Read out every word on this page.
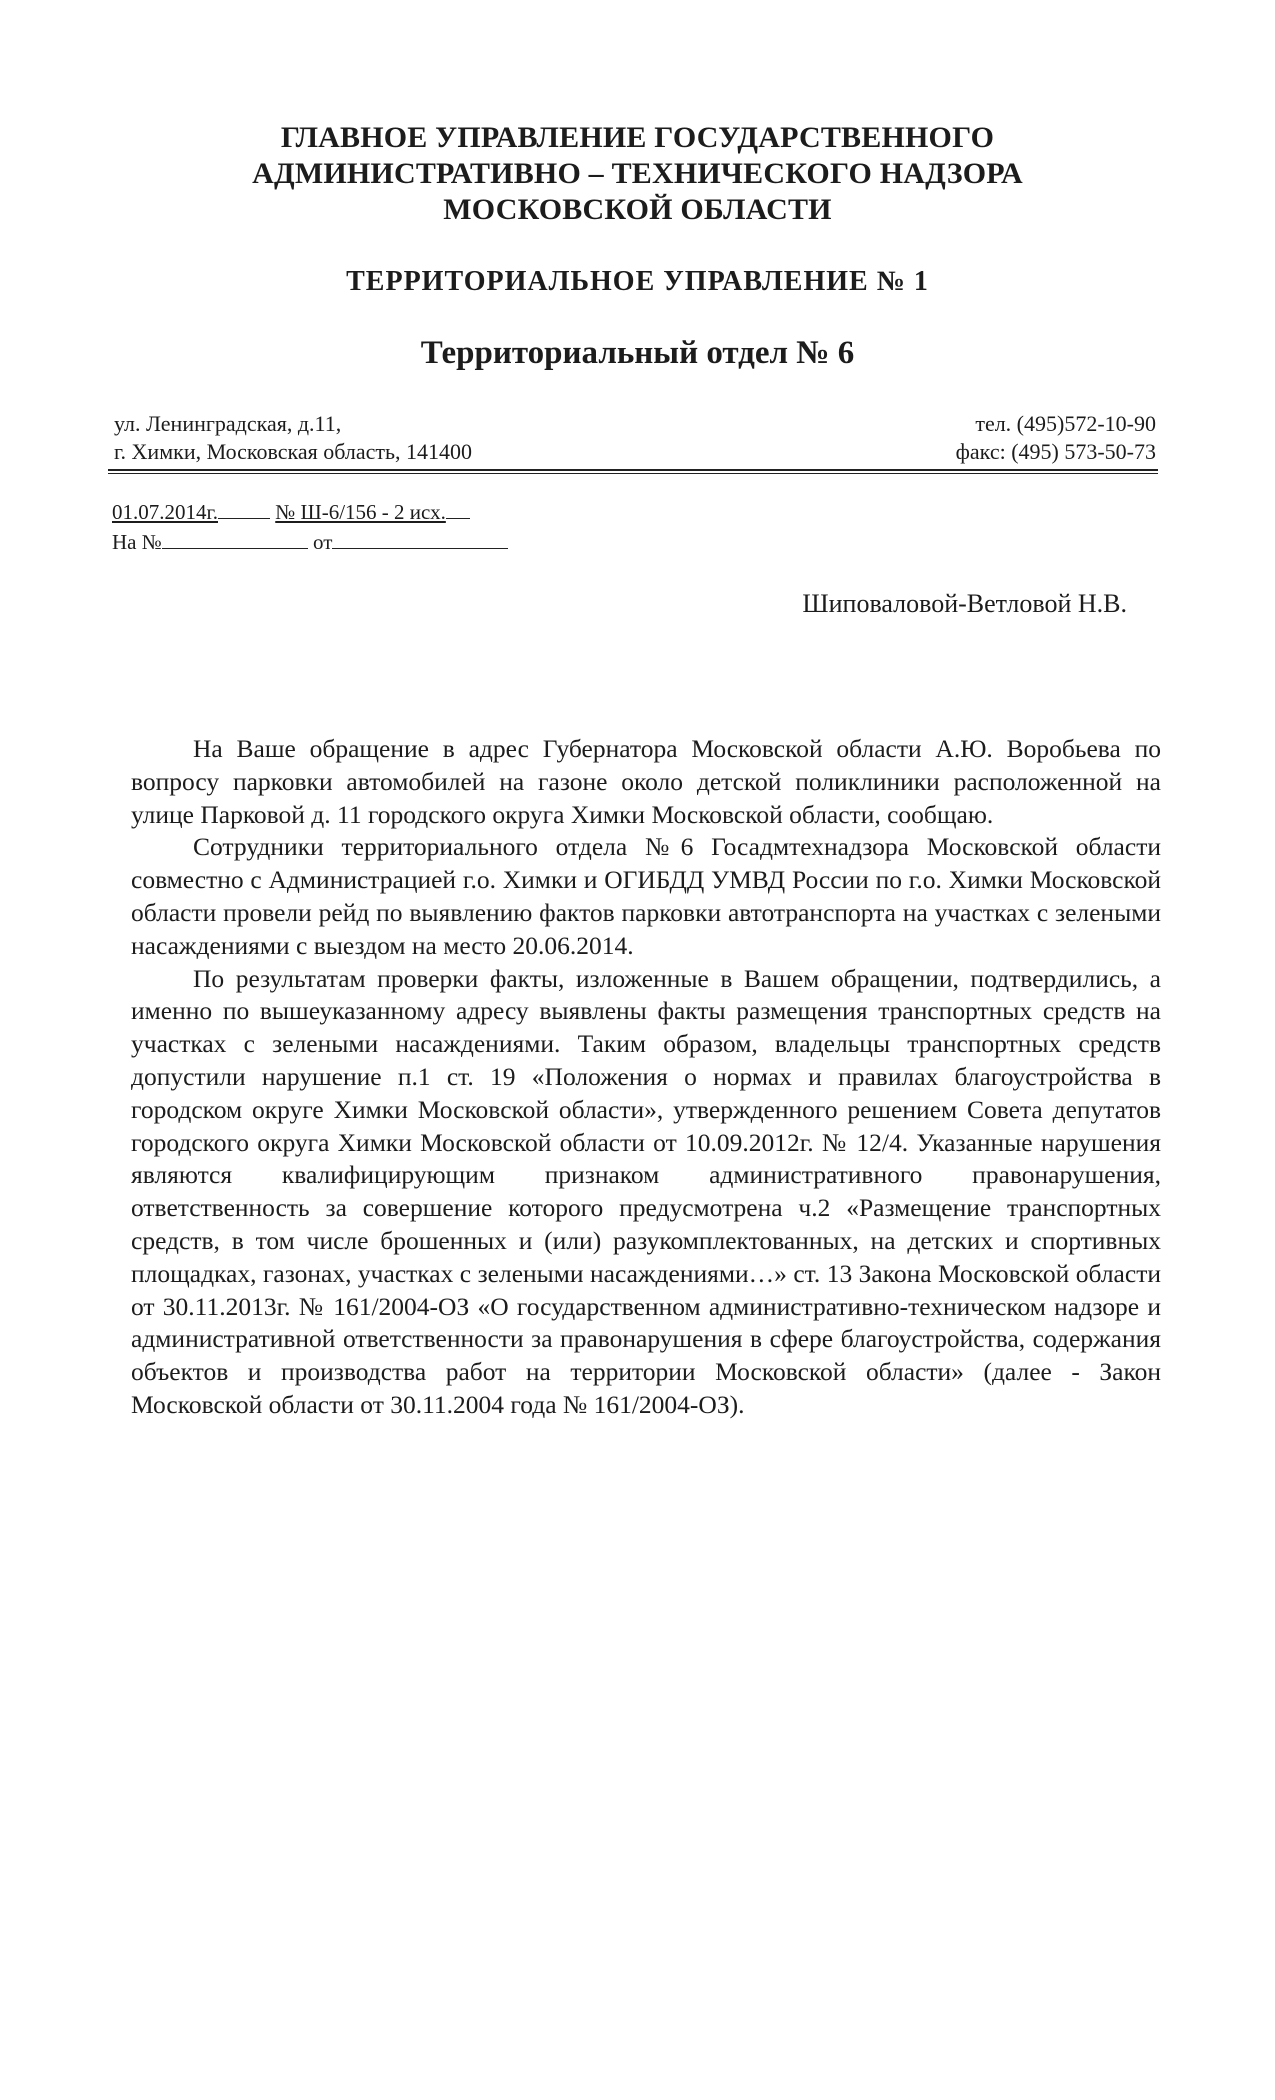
ГЛАВНОЕ УПРАВЛЕНИЕ ГОСУДАРСТВЕННОГО
АДМИНИСТРАТИВНО – ТЕХНИЧЕСКОГО НАДЗОРА
МОСКОВСКОЙ ОБЛАСТИ
ТЕРРИТОРИАЛЬНОЕ УПРАВЛЕНИЕ № 1
Территориальный отдел № 6
ул. Ленинградская, д.11,
г. Химки, Московская область, 141400
тел. (495)572-10-90
факс: (495) 573-50-73
01.07.2014г.	№ Ш-6/156 - 2 исх.
На №	от
Шиповаловой-Ветловой Н.В.

На Ваше обращение в адрес Губернатора Московской области А.Ю. Воробьева по вопросу парковки автомобилей на газоне около детской поликлиники расположенной на улице Парковой д. 11 городского округа Химки Московской области, сообщаю.

Сотрудники территориального отдела №6 Госадмтехнадзора Московской области совместно с Администрацией г.о. Химки и ОГИБДД УМВД России по г.о. Химки Московской области провели рейд по выявлению фактов парковки автотранспорта на участках с зелеными насаждениями с выездом на место 20.06.2014.

По результатам проверки факты, изложенные в Вашем обращении, подтвердились, а именно по вышеуказанному адресу выявлены факты размещения транспортных средств на участках с зелеными насаждениями. Таким образом, владельцы транспортных средств допустили нарушение п.1 ст. 19 «Положения о нормах и правилах благоустройства в городском округе Химки Московской области», утвержденного решением Совета депутатов городского округа Химки Московской области от 10.09.2012г. № 12/4. Указанные нарушения являются квалифицирующим признаком административного правонарушения, ответственность за совершение которого предусмотрена ч.2 «Размещение транспортных средств, в том числе брошенных и (или) разукомплектованных, на детских и спортивных площадках, газонах, участках с зелеными насаждениями…» ст. 13 Закона Московской области от 30.11.2013г. № 161/2004-ОЗ «О государственном административно-техническом надзоре и административной ответственности за правонарушения в сфере благоустройства, содержания объектов и производства работ на территории Московской области» (далее - Закон Московской области от 30.11.2004 года № 161/2004-ОЗ).
